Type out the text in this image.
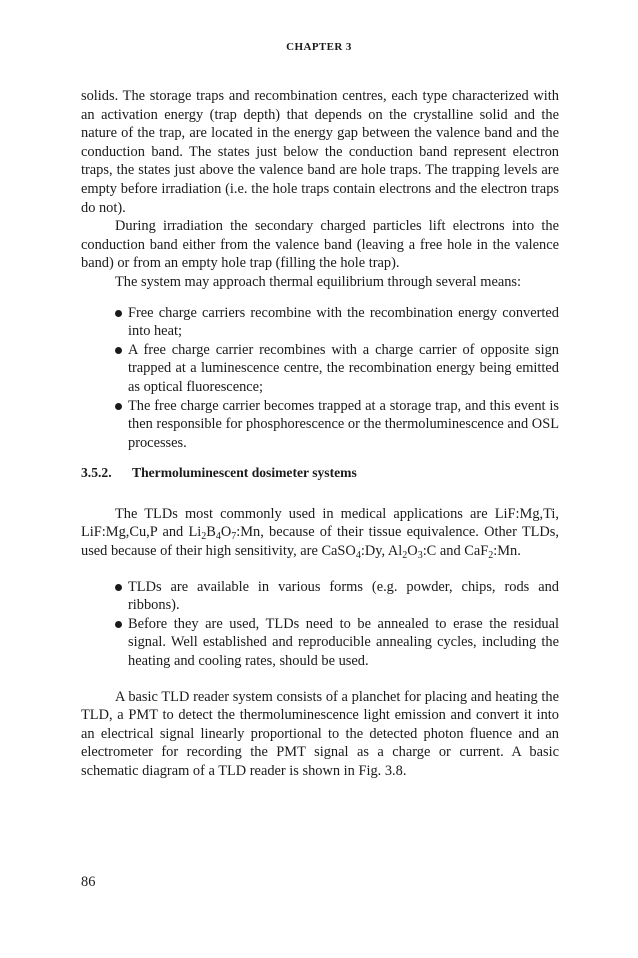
CHAPTER 3

solids. The storage traps and recombination centres, each type characterized with an activation energy (trap depth) that depends on the crystalline solid and the nature of the trap, are located in the energy gap between the valence band and the conduction band. The states just below the conduction band represent electron traps, the states just above the valence band are hole traps. The trapping levels are empty before irradiation (i.e. the hole traps contain electrons and the electron traps do not).

During irradiation the secondary charged particles lift electrons into the conduction band either from the valence band (leaving a free hole in the valence band) or from an empty hole trap (filling the hole trap).

The system may approach thermal equilibrium through several means:

Free charge carriers recombine with the recombination energy converted into heat;
A free charge carrier recombines with a charge carrier of opposite sign trapped at a luminescence centre, the recombination energy being emitted as optical fluorescence;
The free charge carrier becomes trapped at a storage trap, and this event is then responsible for phosphorescence or the thermoluminescence and OSL processes.
3.5.2. Thermoluminescent dosimeter systems

The TLDs most commonly used in medical applications are LiF:Mg,Ti, LiF:Mg,Cu,P and $Li_2B_4O_7:Mn$, because of their tissue equivalence. Other TLDs, used because of their high sensitivity, are CaSO$_4$:Dy, $Al_2O_3:C$ and CaF$_2$:Mn.

TLDs are available in various forms (e.g. powder, chips, rods and ribbons).
Before they are used, TLDs need to be annealed to erase the residual signal. Well established and reproducible annealing cycles, including the heating and cooling rates, should be used.

A basic TLD reader system consists of a planchet for placing and heating the TLD, a PMT to detect the thermoluminescence light emission and convert it into an electrical signal linearly proportional to the detected photon fluence and an electrometer for recording the PMT signal as a charge or current. A basic schematic diagram of a TLD reader is shown in Fig. 3.8.

86
